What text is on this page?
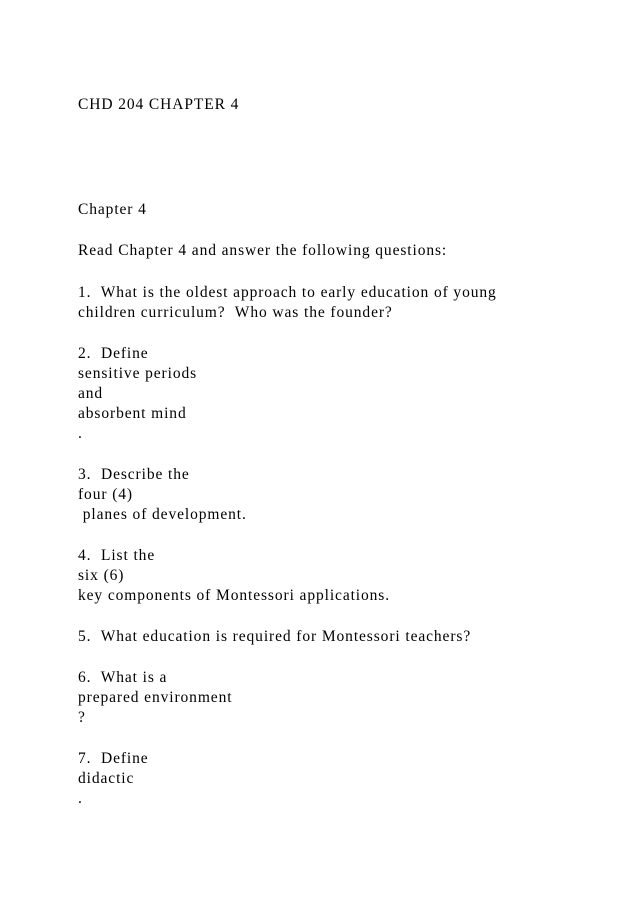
CHD 204 CHAPTER 4

Chapter 4

Read Chapter 4 and answer the following questions:

1.  What is the oldest approach to early education of young

children curriculum?  Who was the founder?

2.  Define

sensitive periods

and

absorbent mind

.

3.  Describe the

four (4)

planes of development.

4.  List the

six (6)

key components of Montessori applications.

5.  What education is required for Montessori teachers?

6.  What is a

prepared environment

?

7.  Define

didactic

.
